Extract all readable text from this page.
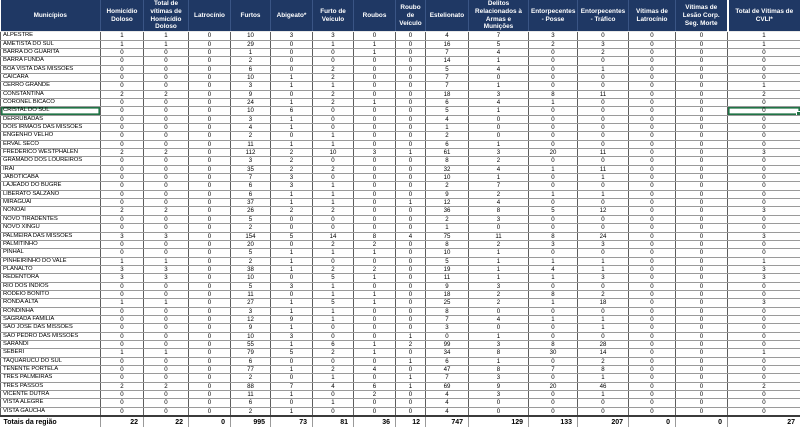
Municípios	Homicídio Doloso	Total de vítimas de Homicídio Doloso	Latrocínio	Furtos	Abigeato*	Furto de Veículo	Roubos	Roubo de Veículo	Estelionato	Delitos Relacionados à Armas e Munições	Entorpecentes - Posse	Entorpecentes - Tráfico	Vítimas de Latrocínio	Vítimas de Lesão Corp. Seg. Morte	Total de Vítimas de CVLI*
ALPESTRE	1	1	0	10	3	3	0	0	4	7	3	0	0	0	1
AMETISTA DO SUL	1	1	0	29	0	1	1	0	16	5	2	3	0	0	1
BARRA DO GUARITA	0	0	0	1	0	0	1	0	7	4	0	2	0	0	0
BARRA FUNDA	0	0	0	2	0	0	0	0	14	1	0	0	0	0	0
BOA VISTA DAS MISSOES	0	0	0	6	0	2	0	0	5	4	0	1	0	0	0
CAICARA	0	0	0	10	1	2	0	0	7	0	0	0	0	0	0
CERRO GRANDE	0	0	0	3	1	1	0	0	7	1	0	0	0	0	1
CONSTANTINA	2	2	0	9	0	2	0	0	18	3	8	11	0	0	2
CORONEL BICACO	0	0	0	24	1	2	1	0	6	4	1	0	0	0	0
CRISTAL DO SUL	0	0	0	10	6	0	0	0	5	1	0	0	0	0	0
DERRUBADAS	0	0	0	3	1	0	0	0	4	0	0	0	0	0	0
DOIS IRMAOS DAS MISSOES	0	0	0	4	1	0	0	0	1	0	0	0	0	0	0
ENGENHO VELHO	0	0	0	2	0	1	0	0	2	0	0	0	0	0	0
ERVAL SECO	0	0	0	11	1	1	0	0	6	1	0	0	0	0	0
FREDERICO WESTPHALEN	2	2	0	112	2	10	3	1	61	3	20	11	0	0	3
GRAMADO DOS LOUREIROS	0	0	0	3	2	0	0	0	8	2	0	0	0	0	0
IRAI	0	0	0	35	2	2	0	0	32	4	1	11	0	0	0
JABOTICABA	0	0	0	7	3	0	0	0	10	1	0	1	0	0	0
LAJEADO DO BUGRE	0	0	0	6	3	1	0	0	2	7	0	0	0	0	0
LIBERATO SALZANO	0	0	0	6	1	1	0	0	9	2	1	1	0	0	0
MIRAGUAI	0	0	0	37	1	1	0	1	12	4	0	0	0	0	0
NONOAI	2	2	0	26	2	2	0	0	36	8	5	12	0	0	3
NOVO TIRADENTES	0	0	0	5	0	0	0	0	2	3	0	0	0	0	0
NOVO XINGU	0	0	0	2	0	0	0	0	1	0	0	0	0	0	0
PALMEIRA DAS MISSOES	3	3	0	154	5	14	8	4	75	11	8	24	0	0	3
PALMITINHO	0	0	0	20	0	2	2	0	8	2	3	3	0	0	0
PINHAL	0	0	0	5	1	1	1	0	10	1	0	0	0	0	0
PINHEIRINHO DO VALE	1	1	0	2	1	0	0	0	5	1	1	1	0	0	1
PLANALTO	3	3	0	38	1	2	2	0	19	1	4	1	0	0	3
REDENTORA	3	3	0	10	0	5	1	0	11	1	1	3	0	0	3
RIO DOS INDIOS	0	0	0	5	3	1	0	0	9	3	0	0	0	0	0
RODEIO BONITO	0	0	0	11	0	1	1	0	18	2	8	2	0	0	0
RONDA ALTA	1	1	0	27	1	5	1	0	25	2	1	18	0	0	3
RONDINHA	0	0	0	3	1	1	0	0	8	0	0	0	0	0	0
SAGRADA FAMILIA	0	0	0	12	9	1	0	0	7	4	1	1	0	0	0
SAO JOSE DAS MISSOES	0	0	0	9	1	0	0	0	3	0	0	1	0	0	0
SAO PEDRO DAS MISSOES	0	0	0	10	3	0	0	1	0	1	0	0	0	0	0
SARANDI	0	0	0	55	1	6	1	2	99	3	8	28	0	0	0
SEBERI	1	1	0	79	5	2	1	0	34	8	30	14	0	0	1
TAQUARUCU DO SUL	0	0	0	6	0	0	0	1	6	1	0	2	0	0	0
TENENTE PORTELA	0	0	0	77	1	2	4	0	47	8	7	8	0	0	0
TRES PALMEIRAS	0	0	0	2	0	1	0	1	7	3	0	1	0	0	0
TRES PASSOS	2	2	0	88	7	4	6	1	69	9	20	46	0	0	2
VICENTE DUTRA	0	0	0	11	1	0	2	0	4	3	0	1	0	0	0
VISTA ALEGRE	0	0	0	6	0	1	0	0	4	0	0	0	0	0	0
VISTA GAUCHA	0	0	0	2	1	0	0	0	4	0	0	0	0	0	0
Totais da região	22	22	0	995	73	81	36	12	747	129	133	207	0	0	27
